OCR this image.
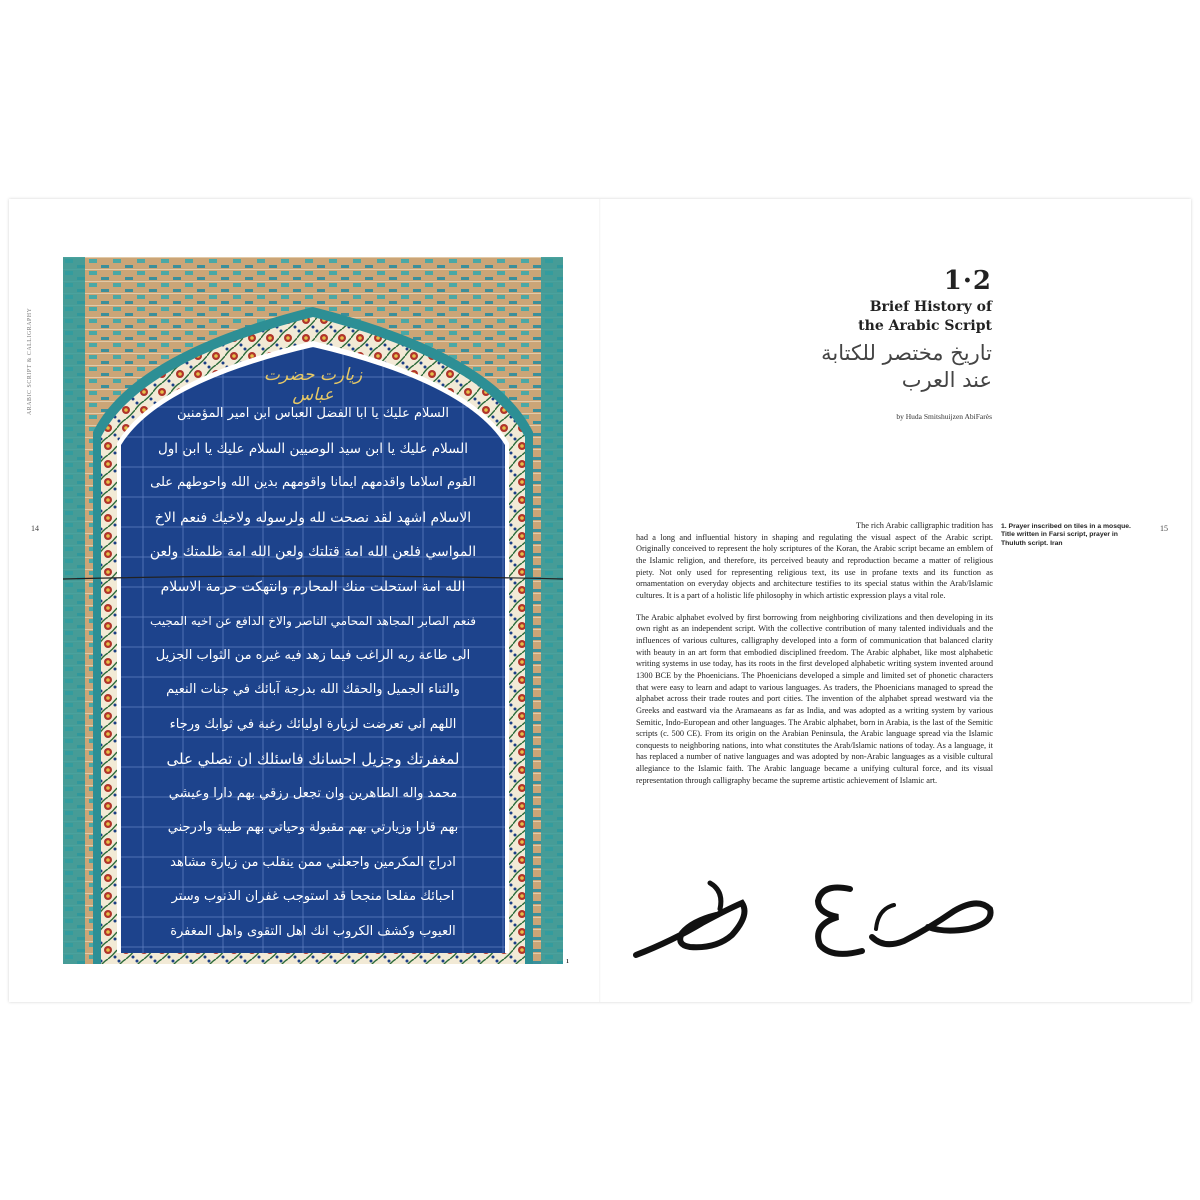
ARABIC SCRIPT & CALLIGRAPHY
14	15
زيارت حضرت عباس
السلام عليك يا ابا الفضل العباس ابن امير المؤمنين
السلام عليك يا ابن سيد الوصيين السلام عليك يا ابن اول
القوم اسلاما واقدمهم ايمانا واقومهم بدين الله واحوطهم على
الاسلام اشهد لقد نصحت لله ولرسوله ولاخيك فنعم الاخ
المواسي فلعن الله امة قتلتك ولعن الله امة ظلمتك ولعن
الله امة استحلت منك المحارم وانتهكت حرمة الاسلام
فنعم الصابر المجاهد المحامي الناصر والاخ الدافع عن اخيه المجيب
الى طاعة ربه الراغب فيما زهد فيه غيره من الثواب الجزيل
والثناء الجميل والحقك الله بدرجة آبائك في جنات النعيم
اللهم اني تعرضت لزيارة اوليائك رغبة في ثوابك ورجاء
لمغفرتك وجزيل احسانك فاسئلك ان تصلي على
محمد واله الطاهرين وان تجعل رزقي بهم دارا وعيشي
بهم قارا وزيارتي بهم مقبولة وحياتي بهم طيبة وادرجني
ادراج المكرمين واجعلني ممن ينقلب من زيارة مشاهد
احبائك مفلحا منجحا قد استوجب غفران الذنوب وستر
العيوب وكشف الكروب انك اهل التقوى واهل المغفرة
1
1·2
Brief History of
the Arabic Script
تاريخ مختصر للكتابة
عند العرب
by Huda Smitshuijzen AbiFarès
1. Prayer inscribed on tiles in a mosque. Title written in Farsi script, prayer in Thuluth script. Iran

The rich Arabic calligraphic tradition has had a long and influential history in shaping and regulating the visual aspect of the Arabic script. Originally conceived to represent the holy scriptures of the Koran, the Arabic script became an emblem of the Islamic religion, and therefore, its perceived beauty and reproduction became a matter of religious piety. Not only used for representing religious text, its use in profane texts and its function as ornamentation on everyday objects and architecture testifies to its special status within the Arab/Islamic cultures. It is a part of a holistic life philosophy in which artistic expression plays a vital role.

The Arabic alphabet evolved by first borrowing from neighboring civilizations and then developing in its own right as an independent script. With the collective contribution of many talented individuals and the influences of various cultures, calligraphy developed into a form of communication that balanced clarity with beauty in an art form that embodied disciplined freedom. The Arabic alphabet, like most alphabetic writing systems in use today, has its roots in the first developed alphabetic writing system invented around 1300 BCE by the Phoenicians. The Phoenicians developed a simple and limited set of phonetic characters that were easy to learn and adapt to various languages. As traders, the Phoenicians managed to spread the alphabet across their trade routes and port cities. The invention of the alphabet spread westward via the Greeks and eastward via the Aramaeans as far as India, and was adopted as a writing system by various Semitic, Indo-European and other languages. The Arabic alphabet, born in Arabia, is the last of the Semitic scripts (c. 500 CE). From its origin on the Arabian Peninsula, the Arabic language spread via the Islamic conquests to neighboring nations, into what constitutes the Arab/Islamic nations of today. As a language, it has replaced a number of native languages and was adopted by non-Arabic languages as a visible cultural allegiance to the Islamic faith. The Arabic language became a unifying cultural force, and its visual representation through calligraphy became the supreme artistic achievement of Islamic art.
